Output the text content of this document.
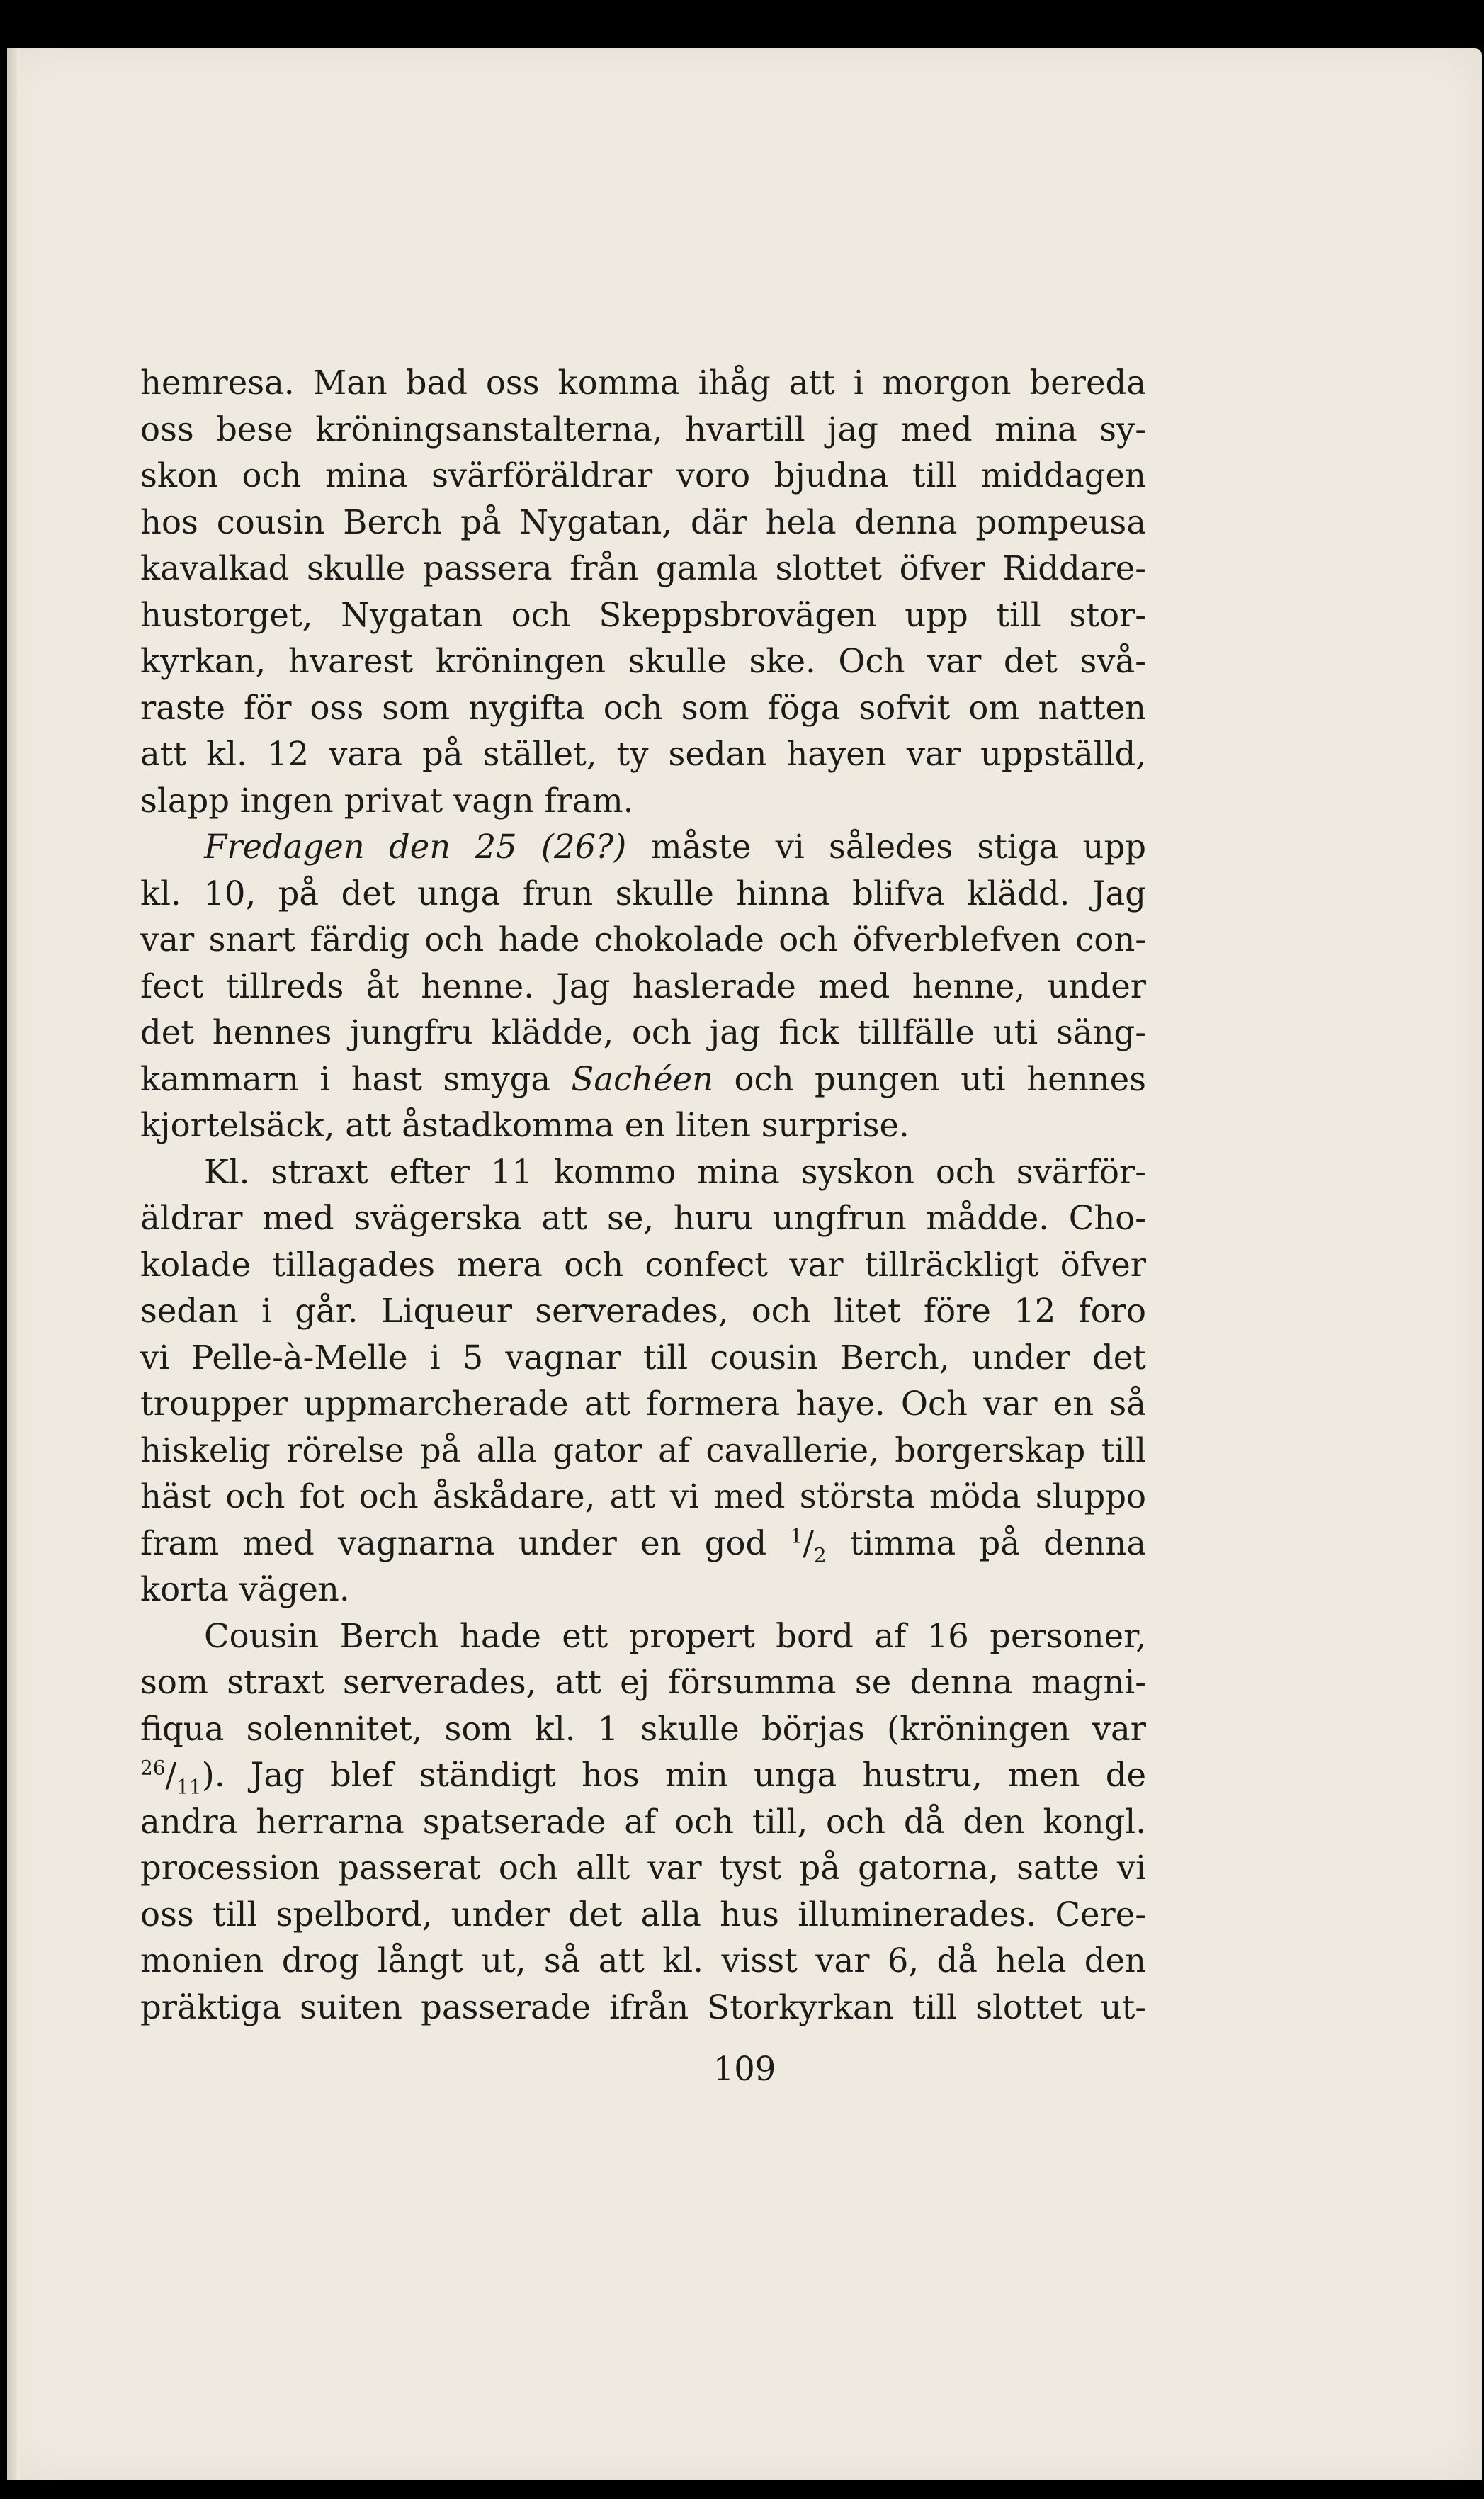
hemresa. Man bad oss komma ihåg att i morgon bereda
oss bese kröningsanstalterna, hvartill jag med mina sy-
skon och mina svärföräldrar voro bjudna till middagen
hos cousin Berch på Nygatan, där hela denna pompeusa
kavalkad skulle passera från gamla slottet öfver Riddare-
hustorget, Nygatan och Skeppsbrovägen upp till stor-
kyrkan, hvarest kröningen skulle ske. Och var det svå-
raste för oss som nygifta och som föga sofvit om natten
att kl. 12 vara på stället, ty sedan hayen var uppställd,
slapp ingen privat vagn fram.
Fredagen den 25 (26?) måste vi således stiga upp
kl. 10, på det unga frun skulle hinna blifva klädd. Jag
var snart färdig och hade chokolade och öfverblefven con-
fect tillreds åt henne. Jag haslerade med henne, under
det hennes jungfru klädde, och jag fick tillfälle uti säng-
kammarn i hast smyga Sachéen och pungen uti hennes
kjortelsäck, att åstadkomma en liten surprise.
Kl. straxt efter 11 kommo mina syskon och svärför-
äldrar med svägerska att se, huru ungfrun mådde. Cho-
kolade tillagades mera och confect var tillräckligt öfver
sedan i går. Liqueur serverades, och litet före 12 foro
vi Pelle-à-Melle i 5 vagnar till cousin Berch, under det
troupper uppmarcherade att formera haye. Och var en så
hiskelig rörelse på alla gator af cavallerie, borgerskap till
häst och fot och åskådare, att vi med största möda sluppo
fram med vagnarna under en god $^1/_2$ timma på denna
korta vägen.
Cousin Berch hade ett propert bord af 16 personer,
som straxt serverades, att ej försumma se denna magni-
fiqua solennitet, som kl. 1 skulle börjas (kröningen var
$^{26}/_{11}$). Jag blef ständigt hos min unga hustru, men de
andra herrarna spatserade af och till, och då den kongl.
procession passerat och allt var tyst på gatorna, satte vi
oss till spelbord, under det alla hus illuminerades. Cere-
monien drog långt ut, så att kl. visst var 6, då hela den
präktiga suiten passerade ifrån Storkyrkan till slottet ut-
109
